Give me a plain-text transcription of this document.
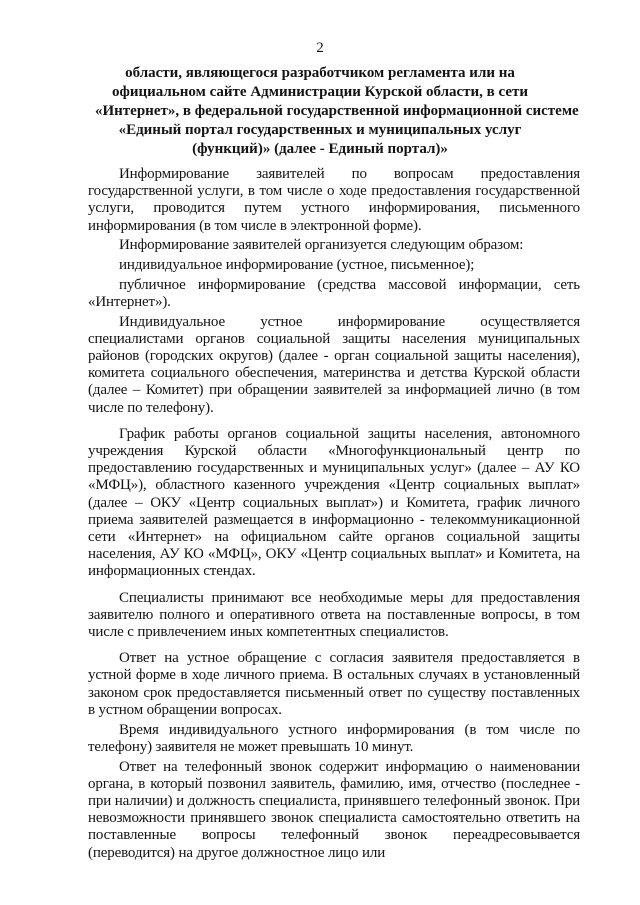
2
области, являющегося разработчиком регламента или на
официальном сайте Администрации Курской области, в сети
«Интернет», в федеральной государственной информационной системе
«Единый портал государственных и муниципальных услуг
(функций)» (далее - Единый портал)»

Информирование заявителей по вопросам предоставления государственной услуги, в том числе о ходе предоставления государственной услуги, проводится путем устного информирования, письменного информирования (в том числе в электронной форме).

Информирование заявителей организуется следующим образом:

индивидуальное информирование (устное, письменное);

публичное информирование (средства массовой информации, сеть «Интернет»).

Индивидуальное устное информирование осуществляется специалистами органов социальной защиты населения муниципальных районов (городских округов) (далее - орган социальной защиты населения), комитета социального обеспечения, материнства и детства Курской области (далее – Комитет) при обращении заявителей за информацией лично (в том числе по телефону).

График работы органов социальной защиты населения, автономного учреждения Курской области «Многофункциональный центр по предоставлению государственных и муниципальных услуг» (далее – АУ КО «МФЦ»), областного казенного учреждения «Центр социальных выплат» (далее – ОКУ «Центр социальных выплат») и Комитета, график личного приема заявителей размещается в информационно - телекоммуникационной сети «Интернет» на официальном сайте органов социальной защиты населения, АУ КО «МФЦ», ОКУ «Центр социальных выплат» и Комитета, на информационных стендах.

Специалисты принимают все необходимые меры для предоставления заявителю полного и оперативного ответа на поставленные вопросы, в том числе с привлечением иных компетентных специалистов.

Ответ на устное обращение с согласия заявителя предоставляется в устной форме в ходе личного приема. В остальных случаях в установленный законом срок предоставляется письменный ответ по существу поставленных в устном обращении вопросах.

Время индивидуального устного информирования (в том числе по телефону) заявителя не может превышать 10 минут.

Ответ на телефонный звонок содержит информацию о наименовании органа, в который позвонил заявитель, фамилию, имя, отчество (последнее - при наличии) и должность специалиста, принявшего телефонный звонок. При невозможности принявшего звонок специалиста самостоятельно ответить на поставленные вопросы телефонный звонок переадресовывается (переводится) на другое должностное лицо или
